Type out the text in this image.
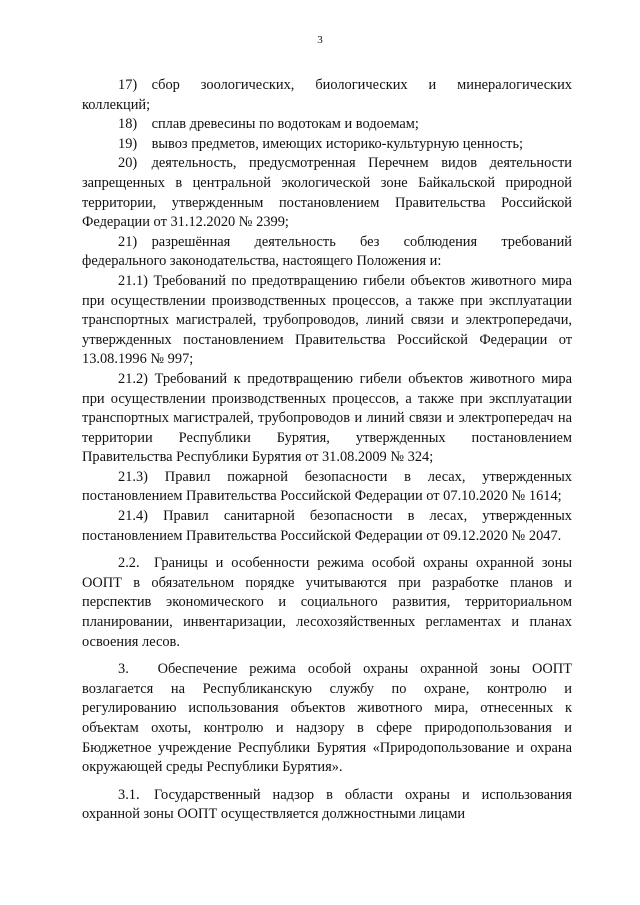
3

17) сбор зоологических, биологических и минералогических коллекций;

18) сплав древесины по водотокам и водоемам;

19) вывоз предметов, имеющих историко-культурную ценность;

20) деятельность, предусмотренная Перечнем видов деятельности запрещенных в центральной экологической зоне Байкальской природной территории, утвержденным постановлением Правительства Российской Федерации от 31.12.2020 № 2399;

21) разрешённая деятельность без соблюдения требований федерального законодательства, настоящего Положения и:

21.1) Требований по предотвращению гибели объектов животного мира при осуществлении производственных процессов, а также при эксплуатации транспортных магистралей, трубопроводов, линий связи и электропередачи, утвержденных постановлением Правительства Российской Федерации от 13.08.1996 № 997;

21.2) Требований к предотвращению гибели объектов животного мира при осуществлении производственных процессов, а также при эксплуатации транспортных магистралей, трубопроводов и линий связи и электропередач на территории Республики Бурятия, утвержденных постановлением Правительства Республики Бурятия от 31.08.2009 № 324;

21.3) Правил пожарной безопасности в лесах, утвержденных постановлением Правительства Российской Федерации от 07.10.2020 № 1614;

21.4) Правил санитарной безопасности в лесах, утвержденных постановлением Правительства Российской Федерации от 09.12.2020 № 2047.

2.2. Границы и особенности режима особой охраны охранной зоны ООПТ в обязательном порядке учитываются при разработке планов и перспектив экономического и социального развития, территориальном планировании, инвентаризации, лесохозяйственных регламентах и планах освоения лесов.

3.  Обеспечение режима особой охраны охранной зоны ООПТ возлагается на Республиканскую службу по охране, контролю и регулированию использования объектов животного мира, отнесенных к объектам охоты, контролю и надзору в сфере природопользования и Бюджетное учреждение Республики Бурятия «Природопользование и охрана окружающей среды Республики Бурятия».

3.1. Государственный надзор в области охраны и использования охранной зоны ООПТ осуществляется должностными лицами
